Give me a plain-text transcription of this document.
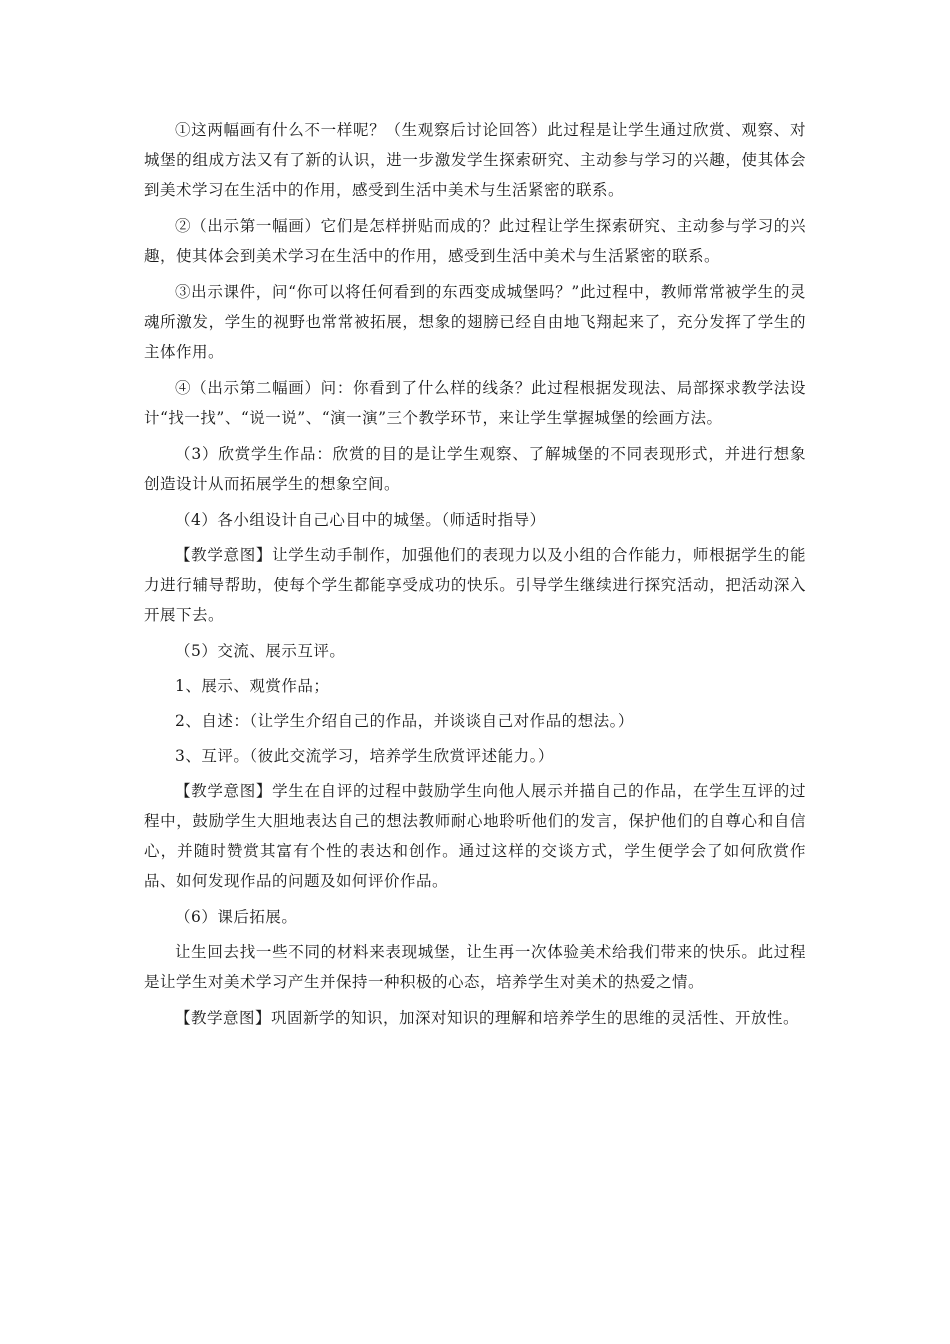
①这两幅画有什么不一样呢？（生观察后讨论回答）此过程是让学生通过欣赏、观察、对城堡的组成方法又有了新的认识，进一步激发学生探索研究、主动参与学习的兴趣，使其体会到美术学习在生活中的作用，感受到生活中美术与生活紧密的联系。

②（出示第一幅画）它们是怎样拼贴而成的？此过程让学生探索研究、主动参与学习的兴趣，使其体会到美术学习在生活中的作用，感受到生活中美术与生活紧密的联系。

③出示课件，问“你可以将任何看到的东西变成城堡吗？”此过程中，教师常常被学生的灵魂所激发，学生的视野也常常被拓展，想象的翅膀已经自由地飞翔起来了，充分发挥了学生的主体作用。

④（出示第二幅画）问：你看到了什么样的线条？此过程根据发现法、局部探求教学法设计“找一找”、“说一说”、“演一演”三个教学环节，来让学生掌握城堡的绘画方法。

（3）欣赏学生作品：欣赏的目的是让学生观察、了解城堡的不同表现形式，并进行想象创造设计从而拓展学生的想象空间。

（4）各小组设计自己心目中的城堡。（师适时指导）

【教学意图】让学生动手制作，加强他们的表现力以及小组的合作能力，师根据学生的能力进行辅导帮助，使每个学生都能享受成功的快乐。引导学生继续进行探究活动，把活动深入开展下去。

（5）交流、展示互评。

1、展示、观赏作品；

2、自述：（让学生介绍自己的作品，并谈谈自己对作品的想法。）

3、互评。（彼此交流学习，培养学生欣赏评述能力。）

【教学意图】学生在自评的过程中鼓励学生向他人展示并描自己的作品，在学生互评的过程中，鼓励学生大胆地表达自己的想法教师耐心地聆听他们的发言，保护他们的自尊心和自信心，并随时赞赏其富有个性的表达和创作。通过这样的交谈方式，学生便学会了如何欣赏作品、如何发现作品的问题及如何评价作品。

（6）课后拓展。

让生回去找一些不同的材料来表现城堡，让生再一次体验美术给我们带来的快乐。此过程是让学生对美术学习产生并保持一种积极的心态，培养学生对美术的热爱之情。

【教学意图】巩固新学的知识，加深对知识的理解和培养学生的思维的灵活性、开放性。
